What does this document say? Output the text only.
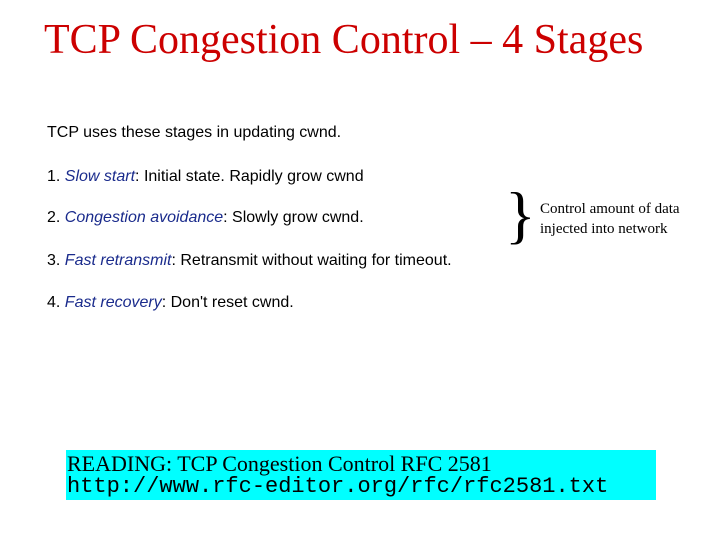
TCP Congestion Control – 4 Stages
TCP uses these stages in updating cwnd.
1. Slow start: Initial state. Rapidly grow cwnd
2. Congestion avoidance: Slowly grow cwnd.
3. Fast retransmit: Retransmit without waiting for timeout.
4. Fast recovery: Don't reset cwnd.
} Control amount of data
injected into network
READING: TCP Congestion Control RFC 2581
http://www.rfc-editor.org/rfc/rfc2581.txt
